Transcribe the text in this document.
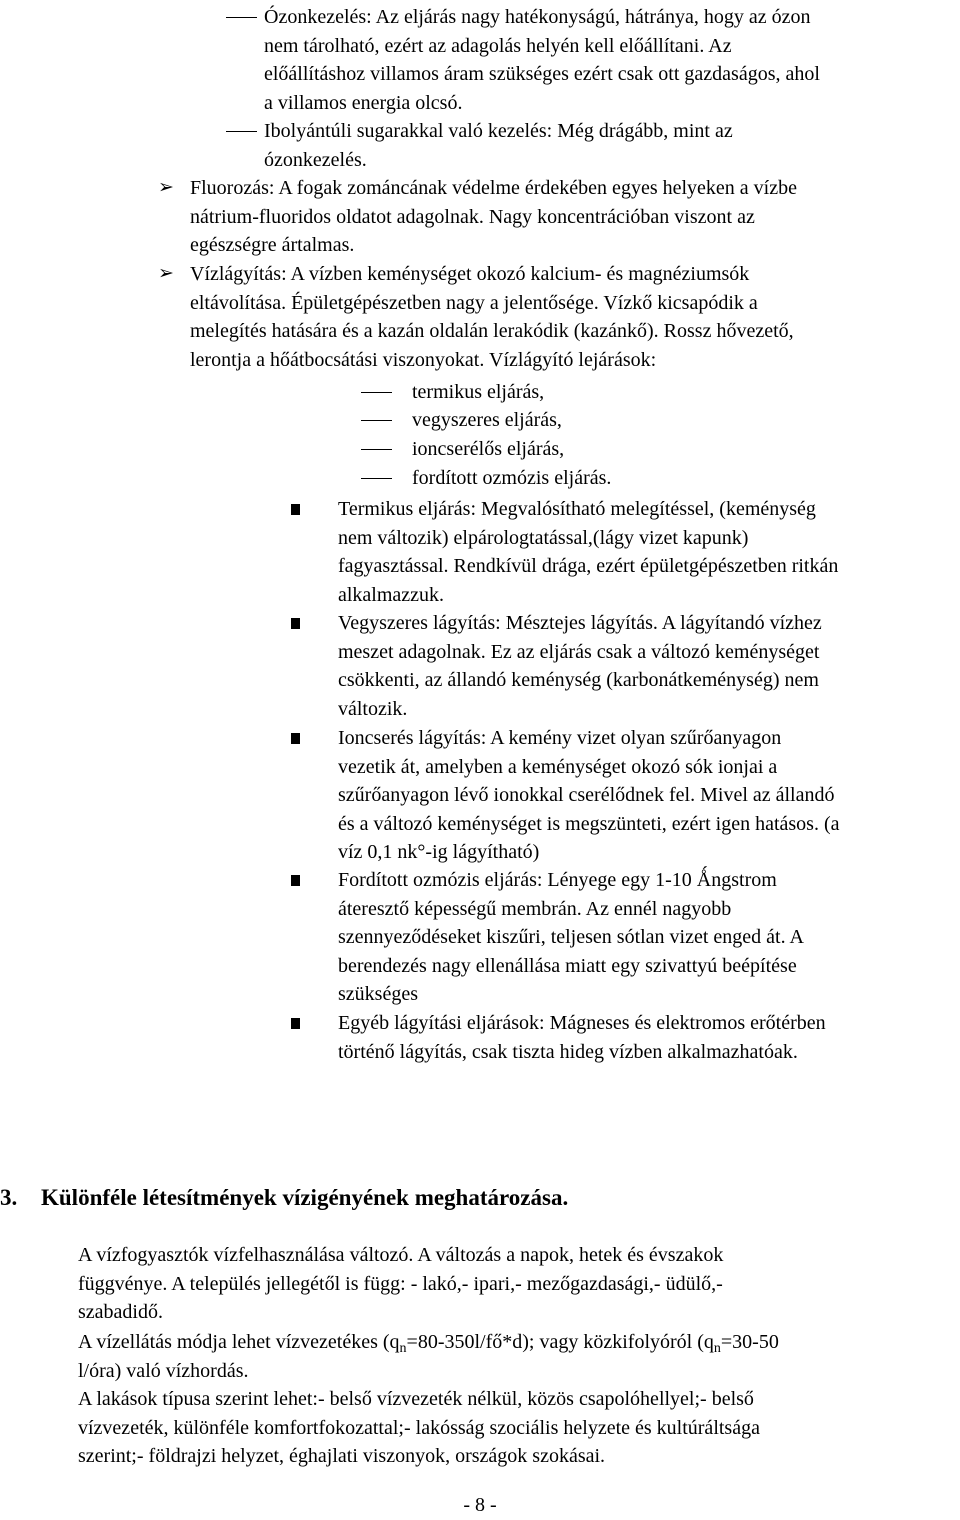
Ózonkezelés: Az eljárás nagy hatékonyságú, hátránya, hogy az ózon
nem tárolható, ezért az adagolás helyén kell előállítani. Az
előállításhoz villamos áram szükséges ezért csak ott gazdaságos, ahol
a villamos energia olcsó.
Ibolyántúli sugarakkal való kezelés: Még drágább, mint az
ózonkezelés.
➢ Fluorozás: A fogak zománcának védelme érdekében egyes helyeken a vízbe
nátrium-fluoridos oldatot adagolnak. Nagy koncentrációban viszont az
egészségre ártalmas.
➢ Vízlágyítás: A vízben keménységet okozó kalcium- és magnéziumsók
eltávolítása. Épületgépészetben nagy a jelentősége. Vízkő kicsapódik a
melegítés hatására és a kazán oldalán lerakódik (kazánkő). Rossz hővezető,
lerontja a hőátbocsátási viszonyokat. Vízlágyító lejárások:
termikus eljárás,
vegyszeres eljárás,
ioncserélős eljárás,
fordított ozmózis eljárás.
Termikus eljárás: Megvalósítható melegítéssel, (keménység
nem változik) elpárologtatással,(lágy vizet kapunk)
fagyasztással. Rendkívül drága, ezért épületgépészetben ritkán
alkalmazzuk.
Vegyszeres lágyítás: Mésztejes lágyítás. A lágyítandó vízhez
meszet adagolnak. Ez az eljárás csak a változó keménységet
csökkenti, az állandó keménység (karbonátkeménység) nem
változik.
Ioncserés lágyítás: A kemény vizet olyan szűrőanyagon
vezetik át, amelyben a keménységet okozó sók ionjai a
szűrőanyagon lévő ionokkal cserélődnek fel. Mivel az állandó
és a változó keménységet is megszünteti, ezért igen hatásos. (a
víz 0,1 nk°-ig lágyítható)
Fordított ozmózis eljárás: Lényege egy 1-10 Ǻngstrom
áteresztő képességű membrán. Az ennél nagyobb
szennyeződéseket kiszűri, teljesen sótlan vizet enged át. A
berendezés nagy ellenállása miatt egy szivattyú beépítése
szükséges
Egyéb lágyítási eljárások: Mágneses és elektromos erőtérben
történő lágyítás, csak tiszta hideg vízben alkalmazhatóak.
3. Különféle létesítmények vízigényének meghatározása.
A vízfogyasztók vízfelhasználása változó. A változás a napok, hetek és évszakok
függvénye. A település jellegétől is függ: - lakó,- ipari,- mezőgazdasági,- üdülő,-
szabadidő.
A vízellátás módja lehet vízvezetékes $(q_n=80-350l/fő*d)$; vagy közkifolyóról ($q_n=30-50$
l/óra) való vízhordás.
A lakások típusa szerint lehet:- belső vízvezeték nélkül, közös csapolóhellyel;- belső
vízvezeték, különféle komfortfokozattal;- lakósság szociális helyzete és kultúráltsága
szerint;- földrajzi helyzet, éghajlati viszonyok, országok szokásai.
- 8 -
